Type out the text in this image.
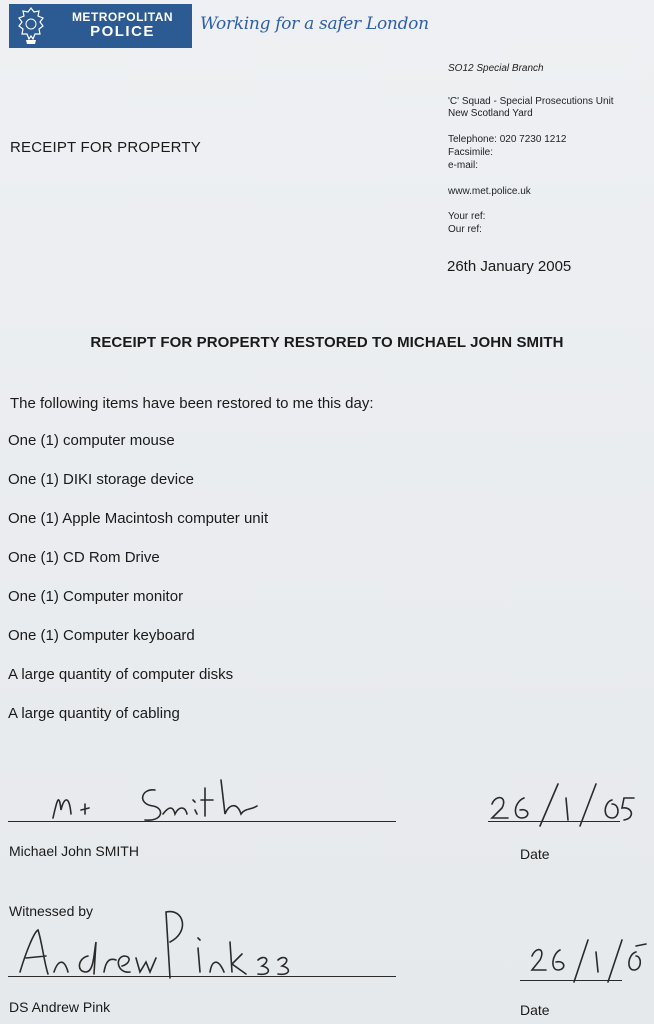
METROPOLITAN
POLICE	Working for a safer London
SO12 Special Branch
'C' Squad - Special Prosecutions Unit
New Scotland Yard
Telephone: 020 7230 1212
Facsimile:
e-mail:
www.met.police.uk
Your ref:
Our ref:
RECEIPT FOR PROPERTY
26th January 2005
RECEIPT FOR PROPERTY RESTORED TO MICHAEL JOHN SMITH
The following items have been restored to me this day:
One (1) computer mouse
One (1) DIKI storage device
One (1) Apple Macintosh computer unit
One (1) CD Rom Drive
One (1) Computer monitor
One (1) Computer keyboard
A large quantity of computer disks
A large quantity of cabling
Michael John SMITH	Date
Witnessed by
DS Andrew Pink	Date
